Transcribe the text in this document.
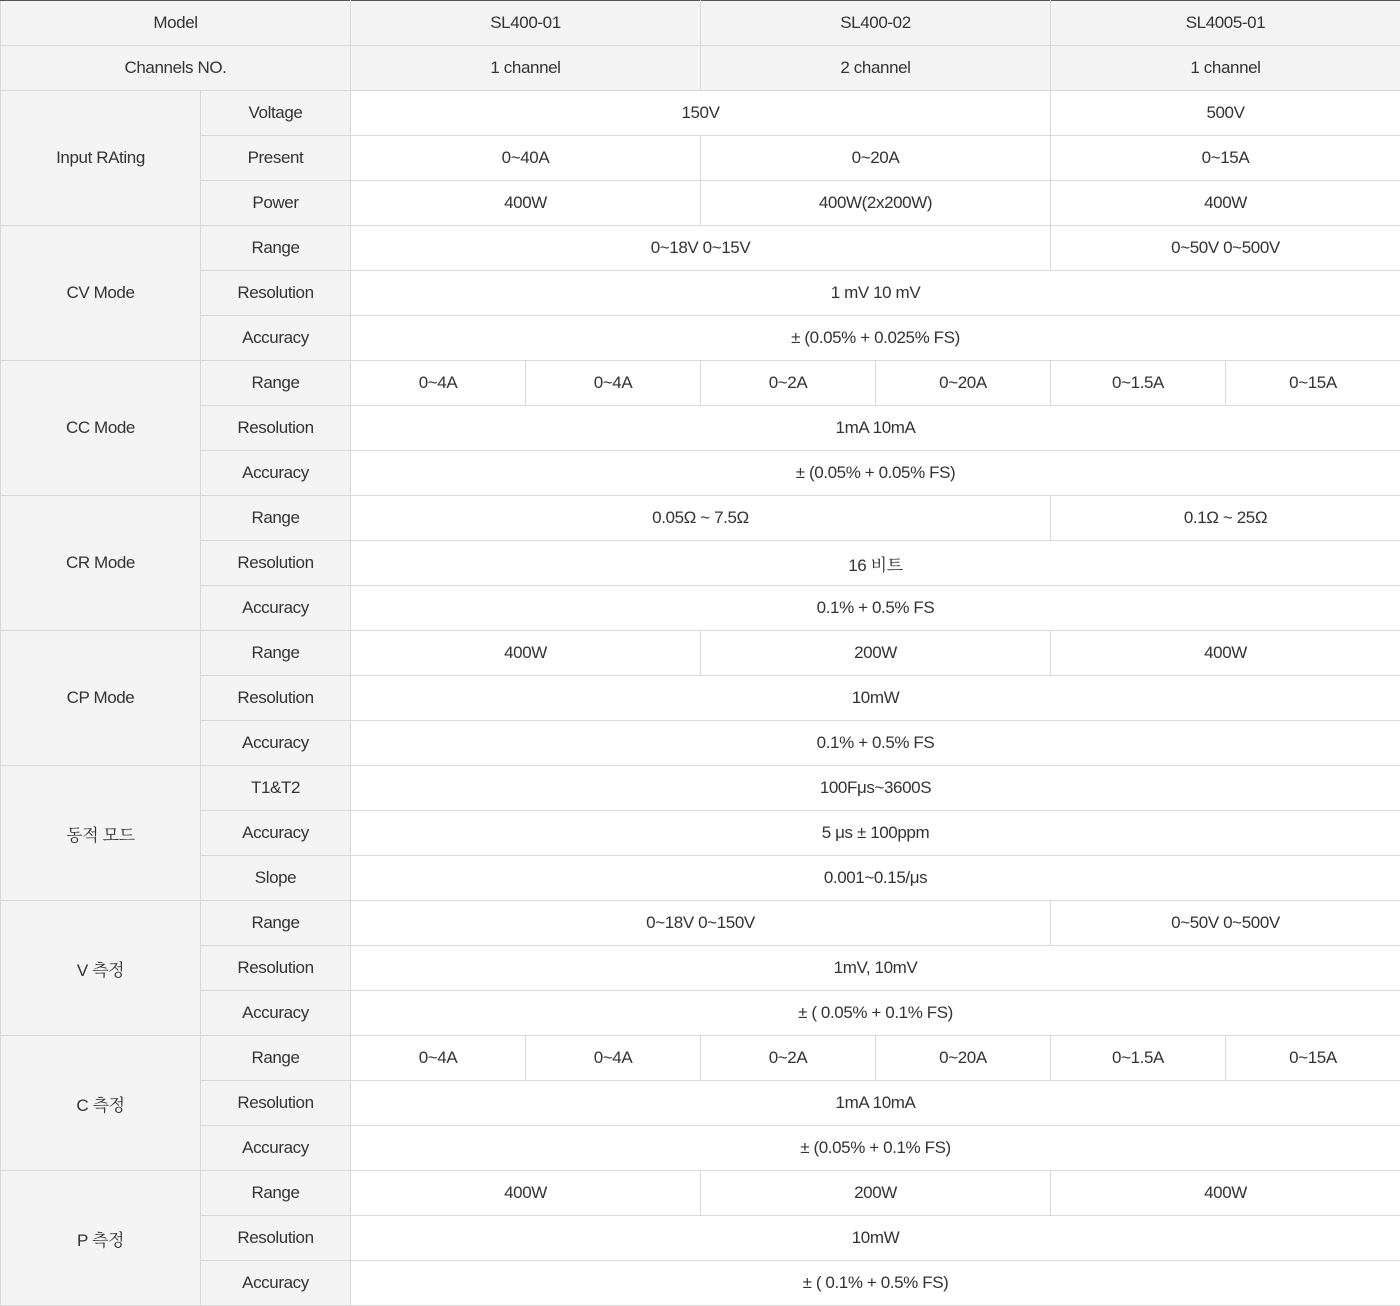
Model		SL400-01		SL400-02		SL4005-01	
Channels NO.		1 channel		2 channel		1 channel	
Input RAting	Voltage	150V				500V	
	Present	0~40A		0~20A		0~15A	
	Power	400W		400W(2x200W)		400W	
CV Mode	Range	0~18V 0~15V				0~50V 0~500V	
	Resolution	1 mV 10 mV					
	Accuracy	± (0.05% + 0.025% FS)					
CC Mode	Range	0~4A	0~4A	0~2A	0~20A	0~1.5A	0~15A
	Resolution	1mA 10mA					
	Accuracy	± (0.05% + 0.05% FS)					
CR Mode	Range	0.05Ω ~ 7.5Ω				0.1Ω ~ 25Ω	
	Resolution	16 비트					
	Accuracy	0.1% + 0.5% FS					
CP Mode	Range	400W		200W		400W	
	Resolution	10mW					
	Accuracy	0.1% + 0.5% FS					
동적 모드	T1&T2	100Fμs~3600S					
	Accuracy	5 μs ± 100ppm					
	Slope	0.001~0.15/μs					
V 측정	Range	0~18V 0~150V				0~50V 0~500V	
	Resolution	1mV, 10mV					
	Accuracy	± ( 0.05% + 0.1% FS)					
C 측정	Range	0~4A	0~4A	0~2A	0~20A	0~1.5A	0~15A
	Resolution	1mA 10mA					
	Accuracy	± (0.05% + 0.1% FS)					
P 측정	Range	400W		200W		400W	
	Resolution	10mW					
	Accuracy	± ( 0.1% + 0.5% FS)					
